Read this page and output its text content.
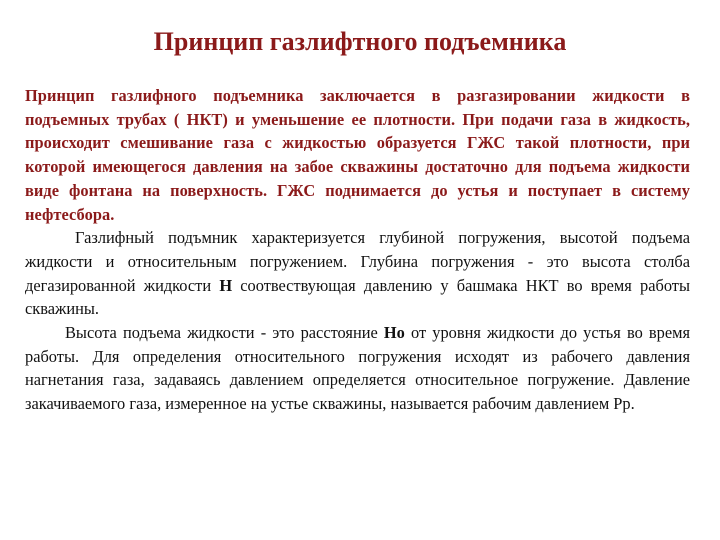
Принцип газлифтного подъемника

Принцип газлифного подъемника заключается в разгазировании жидкости в подъемных трубах ( НКТ) и уменьшение ее плотности. При подачи газа в жидкость, происходит смешивание газа с жидкостью образуется ГЖС такой плотности, при которой имеющегося давления на забое скважины достаточно для подъема жидкости виде фонтана на поверхность. ГЖС поднимается до устья и поступает в систему нефтесбора.

Газлифный подъмник характеризуется глубиной погружения, высотой подъема жидкости и относительным погружением. Глубина погружения - это высота столба дегазированной жидкости Н соотвествующая давлению у башмака НКТ во время работы скважины.

Высота подъема жидкости - это расстояние Но от уровня жидкости до устья во время работы. Для определения относительного погружения исходят из рабочего давления нагнетания газа, задаваясь давлением определяется относительное погружение. Давление закачиваемого газа, измеренное на устье скважины, называется рабочим давлением Рр.
